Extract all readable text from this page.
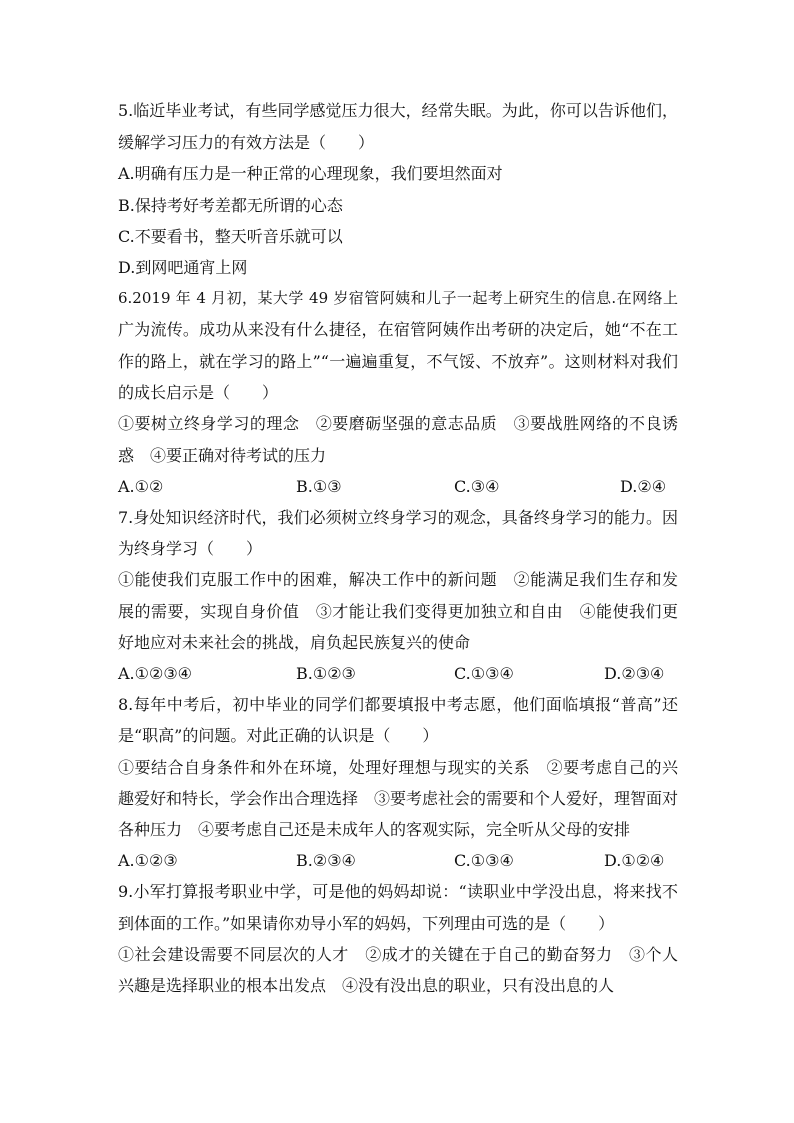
5.临近毕业考试，有些同学感觉压力很大，经常失眠。为此，你可以告诉他们，
缓解学习压力的有效方法是（　　）
A.明确有压力是一种正常的心理现象，我们要坦然面对
B.保持考好考差都无所谓的心态
C.不要看书，整天听音乐就可以
D.到网吧通宵上网
6.2019 年 4 月初，某大学 49 岁宿管阿姨和儿子一起考上研究生的信息.在网络上
广为流传。成功从来没有什么捷径，在宿管阿姨作出考研的决定后，她“不在工
作的路上，就在学习的路上”“一遍遍重复，不气馁、不放弃”。这则材料对我们
的成长启示是（　　）
①要树立终身学习的理念　②要磨砺坚强的意志品质　③要战胜网络的不良诱
惑　④要正确对待考试的压力
A.①②	B.①③	C.③④	D.②④
7.身处知识经济时代，我们必须树立终身学习的观念，具备终身学习的能力。因
为终身学习（　　）
①能使我们克服工作中的困难，解决工作中的新问题　②能满足我们生存和发
展的需要，实现自身价值　③才能让我们变得更加独立和自由　④能使我们更
好地应对未来社会的挑战，肩负起民族复兴的使命
A.①②③④	B.①②③	C.①③④	D.②③④
8.每年中考后，初中毕业的同学们都要填报中考志愿，他们面临填报“普高”还
是“职高”的问题。对此正确的认识是（　　）
①要结合自身条件和外在环境，处理好理想与现实的关系　②要考虑自己的兴
趣爱好和特长，学会作出合理选择　③要考虑社会的需要和个人爱好，理智面对
各种压力　④要考虑自己还是未成年人的客观实际，完全听从父母的安排
A.①②③	B.②③④	C.①③④	D.①②④
9.小军打算报考职业中学，可是他的妈妈却说：“读职业中学没出息，将来找不
到体面的工作。”如果请你劝导小军的妈妈，下列理由可选的是（　　）
①社会建设需要不同层次的人才　②成才的关键在于自己的勤奋努力　③个人
兴趣是选择职业的根本出发点　④没有没出息的职业，只有没出息的人
